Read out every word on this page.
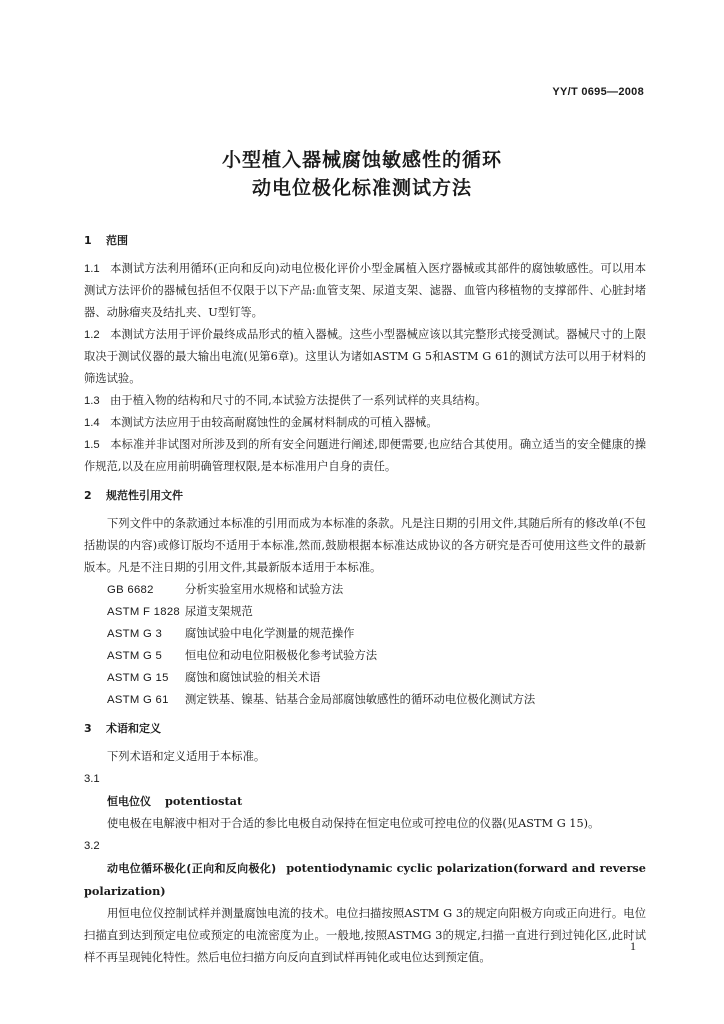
YY/T 0695—2008
小型植入器械腐蚀敏感性的循环
动电位极化标准测试方法
1 范围
1.1 本测试方法利用循环(正向和反向)动电位极化评价小型金属植入医疗器械或其部件的腐蚀敏感性。可以用本测试方法评价的器械包括但不仅限于以下产品:血管支架、尿道支架、滤器、血管内移植物的支撑部件、心脏封堵器、动脉瘤夹及结扎夹、U型钉等。
1.2 本测试方法用于评价最终成品形式的植入器械。这些小型器械应该以其完整形式接受测试。器械尺寸的上限取决于测试仪器的最大输出电流(见第6章)。这里认为诸如ASTM G 5和ASTM G 61的测试方法可以用于材料的筛选试验。
1.3 由于植入物的结构和尺寸的不同,本试验方法提供了一系列试样的夹具结构。
1.4 本测试方法应用于由较高耐腐蚀性的金属材料制成的可植入器械。
1.5 本标准并非试图对所涉及到的所有安全问题进行阐述,即便需要,也应结合其使用。确立适当的安全健康的操作规范,以及在应用前明确管理权限,是本标准用户自身的责任。
2 规范性引用文件
下列文件中的条款通过本标准的引用而成为本标准的条款。凡是注日期的引用文件,其随后所有的修改单(不包括勘误的内容)或修订版均不适用于本标准,然而,鼓励根据本标准达成协议的各方研究是否可使用这些文件的最新版本。凡是不注日期的引用文件,其最新版本适用于本标准。
GB 6682	分析实验室用水规格和试验方法
ASTM F 1828 尿道支架规范
ASTM G 3 腐蚀试验中电化学测量的规范操作
ASTM G 5 恒电位和动电位阳极极化参考试验方法
ASTM G 15 腐蚀和腐蚀试验的相关术语
ASTM G 61 测定铁基、镍基、钴基合金局部腐蚀敏感性的循环动电位极化测试方法
3 术语和定义
下列术语和定义适用于本标准。
3.1
恒电位仪 potentiostat
使电极在电解液中相对于合适的参比电极自动保持在恒定电位或可控电位的仪器(见ASTM G 15)。
3.2
动电位循环极化(正向和反向极化) potentiodynamic cyclic polarization(forward and reverse polarization)
用恒电位仪控制试样并测量腐蚀电流的技术。电位扫描按照ASTM G 3的规定向阳极方向或正向进行。电位扫描直到达到预定电位或预定的电流密度为止。一般地,按照ASTMG 3的规定,扫描一直进行到过钝化区,此时试样不再呈现钝化特性。然后电位扫描方向反向直到试样再钝化或电位达到预定值。
1
